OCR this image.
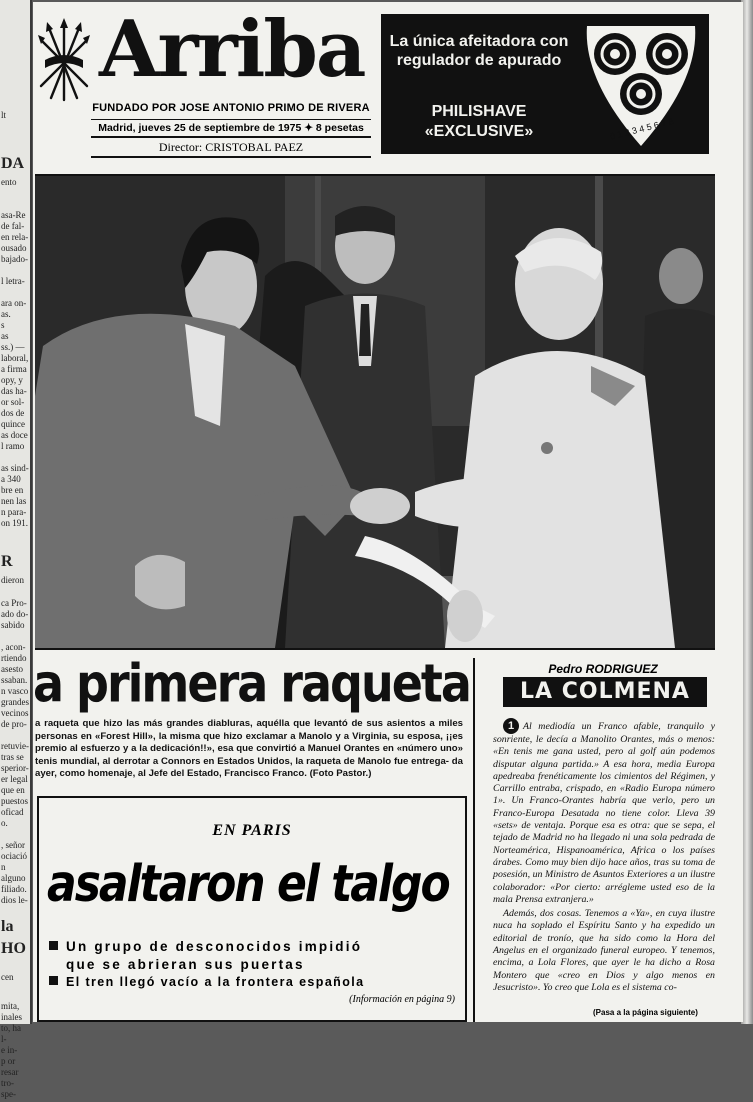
lt
DA
ento
asa-Re
de fal-
en rela-
ousado
bajado-

l letra-

ara on-
as.
s
as
ss.) —
laboral,
a firma
opy, y
das ha-
or sol-
dos de
quince
as doce
l ramo

as sind-
a 340
bre en
nen las
n para-
on 191.
R
dieron
ca Pro-
ado do-
sabido

, acon-
rtiendo
asesto
ssaban.
n vasco
grandes
vecinos
de pro-

retuvie-
tras se
sperior-
er legal
que en
puestos
oficado.

, señor
ociación
alguno
filiado.
dios le-
la
HO
cen
mita,
inales
to, ha
l-
e in-
p or
resar
tro-
spe-
Arriba
FUNDADO POR JOSE ANTONIO PRIMO DE RIVERA
Madrid, jueves 25 de septiembre de 1975 ✦ 8 pesetas
Director: CRISTOBAL PAEZ
La única afeitadora con regulador de apurado
PHILISHAVE «EXCLUSIVE»	0 1 2 3 4 5 6 7 8
a primera raqueta
a raqueta que hizo las más grandes diabluras, aquélla que levantó de sus asientos a miles personas en «Forest Hill», la misma que hizo exclamar a Manolo y a Virginia, su esposa, ¡¡es premio al esfuerzo y a la dedicación!!», esa que convirtió a Manuel Orantes en «número uno» tenis mundial, al derrotar a Connors en Estados Unidos, la raqueta de Manolo fue entrega- da ayer, como homenaje, al Jefe del Estado, Francisco Franco. (Foto Pastor.)
EN PARIS
asaltaron el talgo
Un grupo de desconocidos impidió
que se abrieran sus puertas
El tren llegó vacío a la frontera española
(Información en página 9)
Pedro RODRIGUEZ
LA COLMENA

1 Al mediodía un Franco afable, tranquilo y sonriente, le decía a Manolito Orantes, más o menos: «En tenis me gana usted, pero al golf aún podemos disputar alguna partida.» A esa hora, media Europa apedreaba frenéticamente los cimientos del Régimen, y Carrillo entraba, crispado, en «Radio Europa número 1». Un Franco-Orantes habría que verlo, pero un Franco-Europa Desatada no tiene color. Lleva 39 «sets» de ventaja. Porque esa es otra: que se sepa, el tejado de Madrid no ha llegado ni una sola pedrada de Norteamérica, Hispanoamérica, Africa o los países árabes. Como muy bien dijo hace años, tras su toma de posesión, un Ministro de Asuntos Exteriores a un ilustre colaborador: «Por cierto: arrégleme usted eso de la mala Prensa extranjera.»

Además, dos cosas. Tenemos a «Ya», en cuya ilustre nuca ha soplado el Espíritu Santo y ha expedido un editorial de tronío, que ha sido como la Hora del Angelus en el organizado funeral europeo. Y tenemos, encima, a Lola Flores, que ayer le ha dicho a Rosa Montero que «creo en Dios y algo menos en Jesucristo». Yo creo que Lola es el sistema co-

(Pasa a la página siguiente)
